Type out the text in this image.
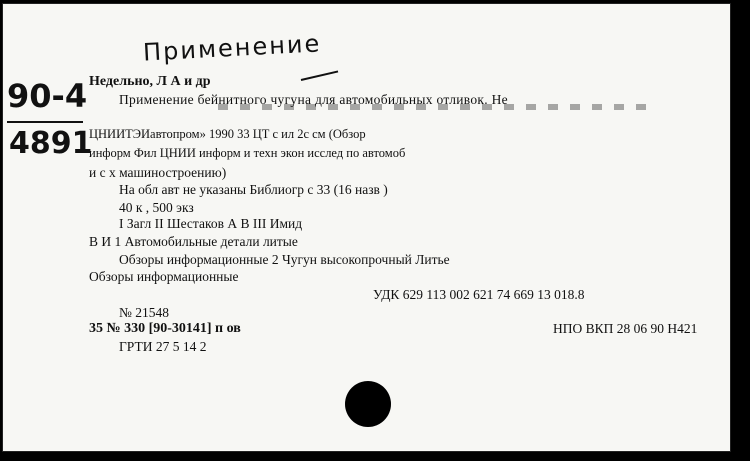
Применение
90-4
4891
Недельно, Л А и др
Применение бейнитного чугуна для автомобильных отливок. Не
ЦНИИТЭИавтопром» 1990 33 ЦТ с ил 2с см (Обзор
информ Фил ЦНИИ информ и техн экон исслед по автомоб
и с х машиностроению)
На обл авт не указаны Библиогр с 33 (16 назв )
40 к , 500 экз
I Загл II Шестаков А В III Имид
В И 1 Автомобильные детали литые
Обзоры информационные 2 Чугун высокопрочный Литье
Обзоры информационные
УДК 629 113 002 621 74 669 13 018.8
№ 21548
35 № 330 [90-30141] п ов	НПО ВКП 28 06 90 Н421
ГРТИ 27 5 14 2
